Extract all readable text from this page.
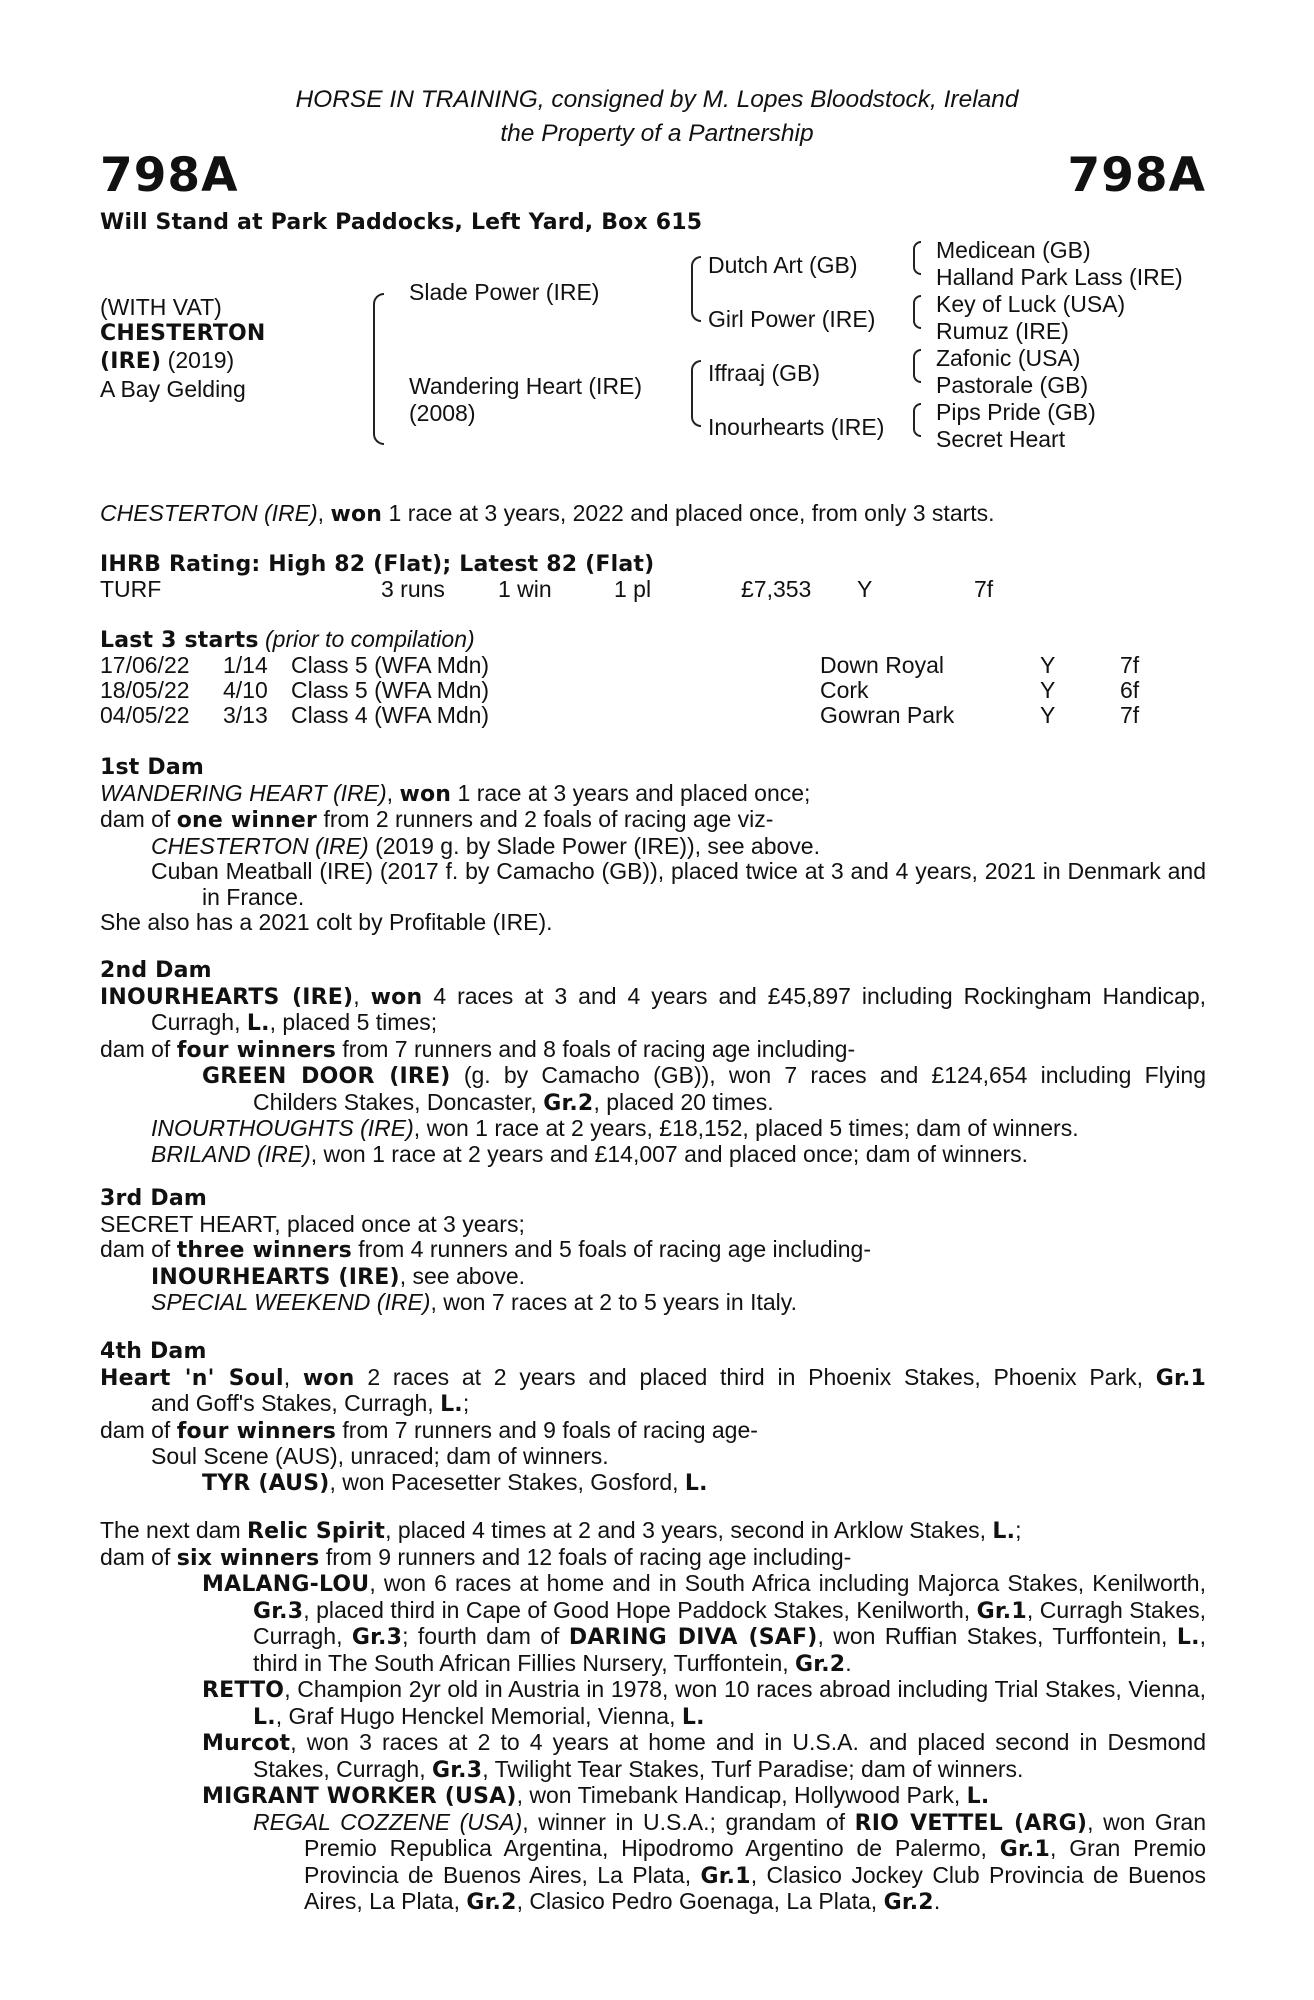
HORSE IN TRAINING, consigned by M. Lopes Bloodstock, Ireland
the Property of a Partnership
798A	798A
Will Stand at Park Paddocks, Left Yard, Box 615
(WITH VAT)
CHESTERTON
(IRE) (2019)
A Bay Gelding
Slade Power (IRE)
Wandering Heart (IRE)
(2008)
Dutch Art (GB)
Girl Power (IRE)
Iffraaj (GB)
Inourhearts (IRE)
Medicean (GB)
Halland Park Lass (IRE)
Key of Luck (USA)
Rumuz (IRE)
Zafonic (USA)
Pastorale (GB)
Pips Pride (GB)
Secret Heart
CHESTERTON (IRE), won 1 race at 3 years, 2022 and placed once, from only 3 starts.
IHRB Rating: High 82 (Flat); Latest 82 (Flat)
TURF	3 runs 1 win	1 pl	£7,353 Y	7f
Last 3 starts (prior to compilation)
17/06/22 1/14 Class 5 (WFA Mdn)	Down Royal	Y	7f
18/05/22 4/10 Class 5 (WFA Mdn)	Cork	Y	6f
04/05/22 3/13 Class 4 (WFA Mdn)	Gowran Park	Y	7f
1st Dam
WANDERING HEART (IRE), won 1 race at 3 years and placed once;
dam of one winner from 2 runners and 2 foals of racing age viz-
CHESTERTON (IRE) (2019 g. by Slade Power (IRE)), see above.
Cuban Meatball (IRE) (2017 f. by Camacho (GB)), placed twice at 3 and 4 years, 2021 in Denmark and in France.
She also has a 2021 colt by Profitable (IRE).
2nd Dam
INOURHEARTS (IRE), won 4 races at 3 and 4 years and £45,897 including Rockingham Handicap, Curragh, L., placed 5 times;
dam of four winners from 7 runners and 8 foals of racing age including-
GREEN DOOR (IRE) (g. by Camacho (GB)), won 7 races and £124,654 including Flying Childers Stakes, Doncaster, Gr.2, placed 20 times.
INOURTHOUGHTS (IRE), won 1 race at 2 years, £18,152, placed 5 times; dam of winners.
BRILAND (IRE), won 1 race at 2 years and £14,007 and placed once; dam of winners.
3rd Dam
SECRET HEART, placed once at 3 years;
dam of three winners from 4 runners and 5 foals of racing age including-
INOURHEARTS (IRE), see above.
SPECIAL WEEKEND (IRE), won 7 races at 2 to 5 years in Italy.
4th Dam
Heart 'n' Soul, won 2 races at 2 years and placed third in Phoenix Stakes, Phoenix Park, Gr.1
and Goff's Stakes, Curragh, L.;
dam of four winners from 7 runners and 9 foals of racing age-
Soul Scene (AUS), unraced; dam of winners.
TYR (AUS), won Pacesetter Stakes, Gosford, L.
The next dam Relic Spirit, placed 4 times at 2 and 3 years, second in Arklow Stakes, L.;
dam of six winners from 9 runners and 12 foals of racing age including-
MALANG-LOU, won 6 races at home and in South Africa including Majorca Stakes, Kenilworth, Gr.3, placed third in Cape of Good Hope Paddock Stakes, Kenilworth, Gr.1, Curragh Stakes, Curragh, Gr.3; fourth dam of DARING DIVA (SAF), won Ruffian Stakes, Turffontein, L., third in The South African Fillies Nursery, Turffontein, Gr.2.
RETTO, Champion 2yr old in Austria in 1978, won 10 races abroad including Trial Stakes, Vienna, L., Graf Hugo Henckel Memorial, Vienna, L.
Murcot, won 3 races at 2 to 4 years at home and in U.S.A. and placed second in Desmond Stakes, Curragh, Gr.3, Twilight Tear Stakes, Turf Paradise; dam of winners.
MIGRANT WORKER (USA), won Timebank Handicap, Hollywood Park, L.
REGAL COZZENE (USA), winner in U.S.A.; grandam of RIO VETTEL (ARG), won Gran Premio Republica Argentina, Hipodromo Argentino de Palermo, Gr.1, Gran Premio Provincia de Buenos Aires, La Plata, Gr.1, Clasico Jockey Club Provincia de Buenos Aires, La Plata, Gr.2, Clasico Pedro Goenaga, La Plata, Gr.2.
